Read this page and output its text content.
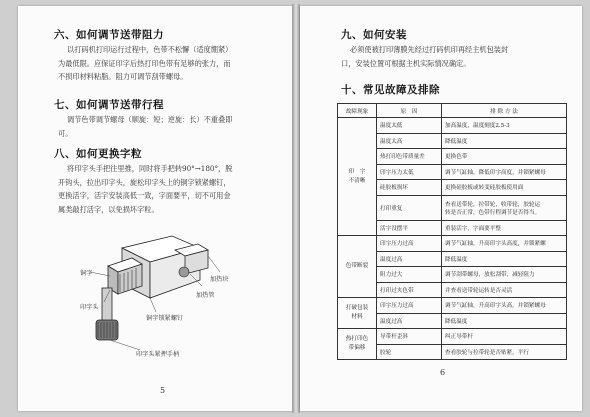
六、如何调节送带阻力
以打码机打印运行过程中，色带不松懈（适度绷紧）
为最低限。应保证印字后热打印色带有足够的张力，而
不损印材料粘脂。阻力可调节刮带螺母。
七、如何调节送带行程
调节色带调节螺母（顺旋：短；逆旋：长）不重叠即
可。
八、如何更换字粒
将印字头手把往里推，同时将手把转90°→180°，脱
开钩头，拉出印字头，旋松印字头上的铜字锁紧螺钉，
更换活字，活字安装高低一致，字面要平，切不可用金
属类敲打活字，以免损坏字粒。
铜字
加热块
加热管
铜字锁紧螺钉
印字头
印字头紧押手柄
5
九、如何安装
必须使被打印薄膜先经过打码机印再经主机包装封
口，安装位置可根据主机实际情况确定。
十、常见故障及排除
故障现象	原　因	排 除 方 法
印　字
不清晰	温度太低	加高温度，温度刻度2.5-3
	温度太高	降低温度
	热打印色带质量差	更换色带
	印字压力太低	调节气缸轴，降低印字高度，并锁紧螺母
	硅胶板损坏	更换硅胶板或转变硅胶板使用面
	打印重复	查看送带轮，拉带轮，收带轮，胶轮运
转是否正常，色带行程调节是否得当。
	活字没摆平	重装活字，字面要平整
色带断裂	印字压力过高	调节气缸轴，升高印字头高度，并锁紧螺
	温度过高	降低温度
	阻力过大	调节刮带螺母，放松刮带，减轻阻力
	打印过夹色带	并查看送带轮运转是否灵活
打破包装
材料	印字压力过高	调节气缸轴，升高印字头高，并锁紧螺母
	温度过高	降低温度
热打印色
带偏移	导带杆歪斜	纠正导带杆
	胶轮	查看胶轮与拉带轮是否贴紧，平行
6
